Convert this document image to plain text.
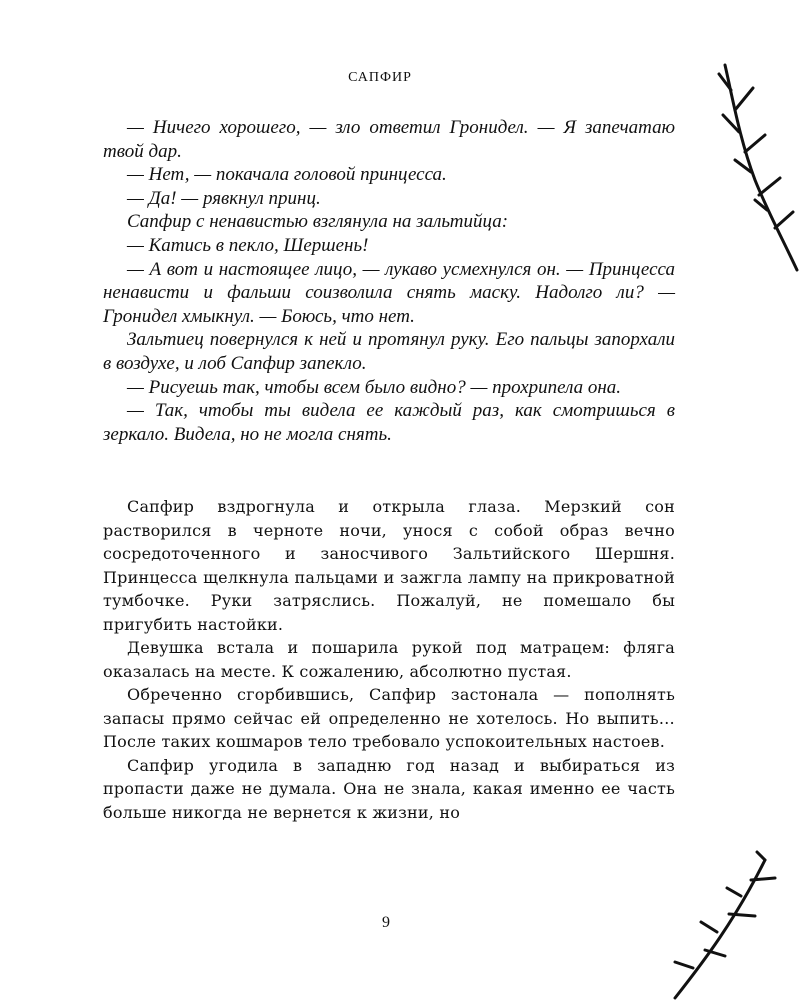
САПФИР

— Ничего хорошего, — зло ответил Гронидел. — Я запечатаю твой дар.

— Нет, — покачала головой принцесса.

— Да! — рявкнул принц.

Сапфир с ненавистью взглянула на зальтийца:

— Катись в пекло, Шершень!

— А вот и настоящее лицо, — лукаво усмехнулся он. — Принцесса ненависти и фальши соизволила снять маску. Надолго ли? — Гронидел хмыкнул. — Боюсь, что нет.

Зальтиец повернулся к ней и протянул руку. Его пальцы запорхали в воздухе, и лоб Сапфир запекло.

— Рисуешь так, чтобы всем было видно? — прохрипела она.

— Так, чтобы ты видела ее каждый раз, как смотришься в зеркало. Видела, но не могла снять.

Сапфир вздрогнула и открыла глаза. Мерзкий сон растворился в черноте ночи, унося с собой образ вечно сосредоточенного и заносчивого Зальтийского Шершня. Принцесса щелкнула пальцами и зажгла лампу на прикроватной тумбочке. Руки затряслись. Пожалуй, не помешало бы пригубить настойки.

Девушка встала и пошарила рукой под матрацем: фляга оказалась на месте. К сожалению, абсолютно пустая.

Обреченно сгорбившись, Сапфир застонала — пополнять запасы прямо сейчас ей определенно не хотелось. Но выпить… После таких кошмаров тело требовало успокоительных настоев.

Сапфир угодила в западню год назад и выбираться из пропасти даже не думала. Она не знала, какая именно ее часть больше никогда не вернется к жизни, но

9
